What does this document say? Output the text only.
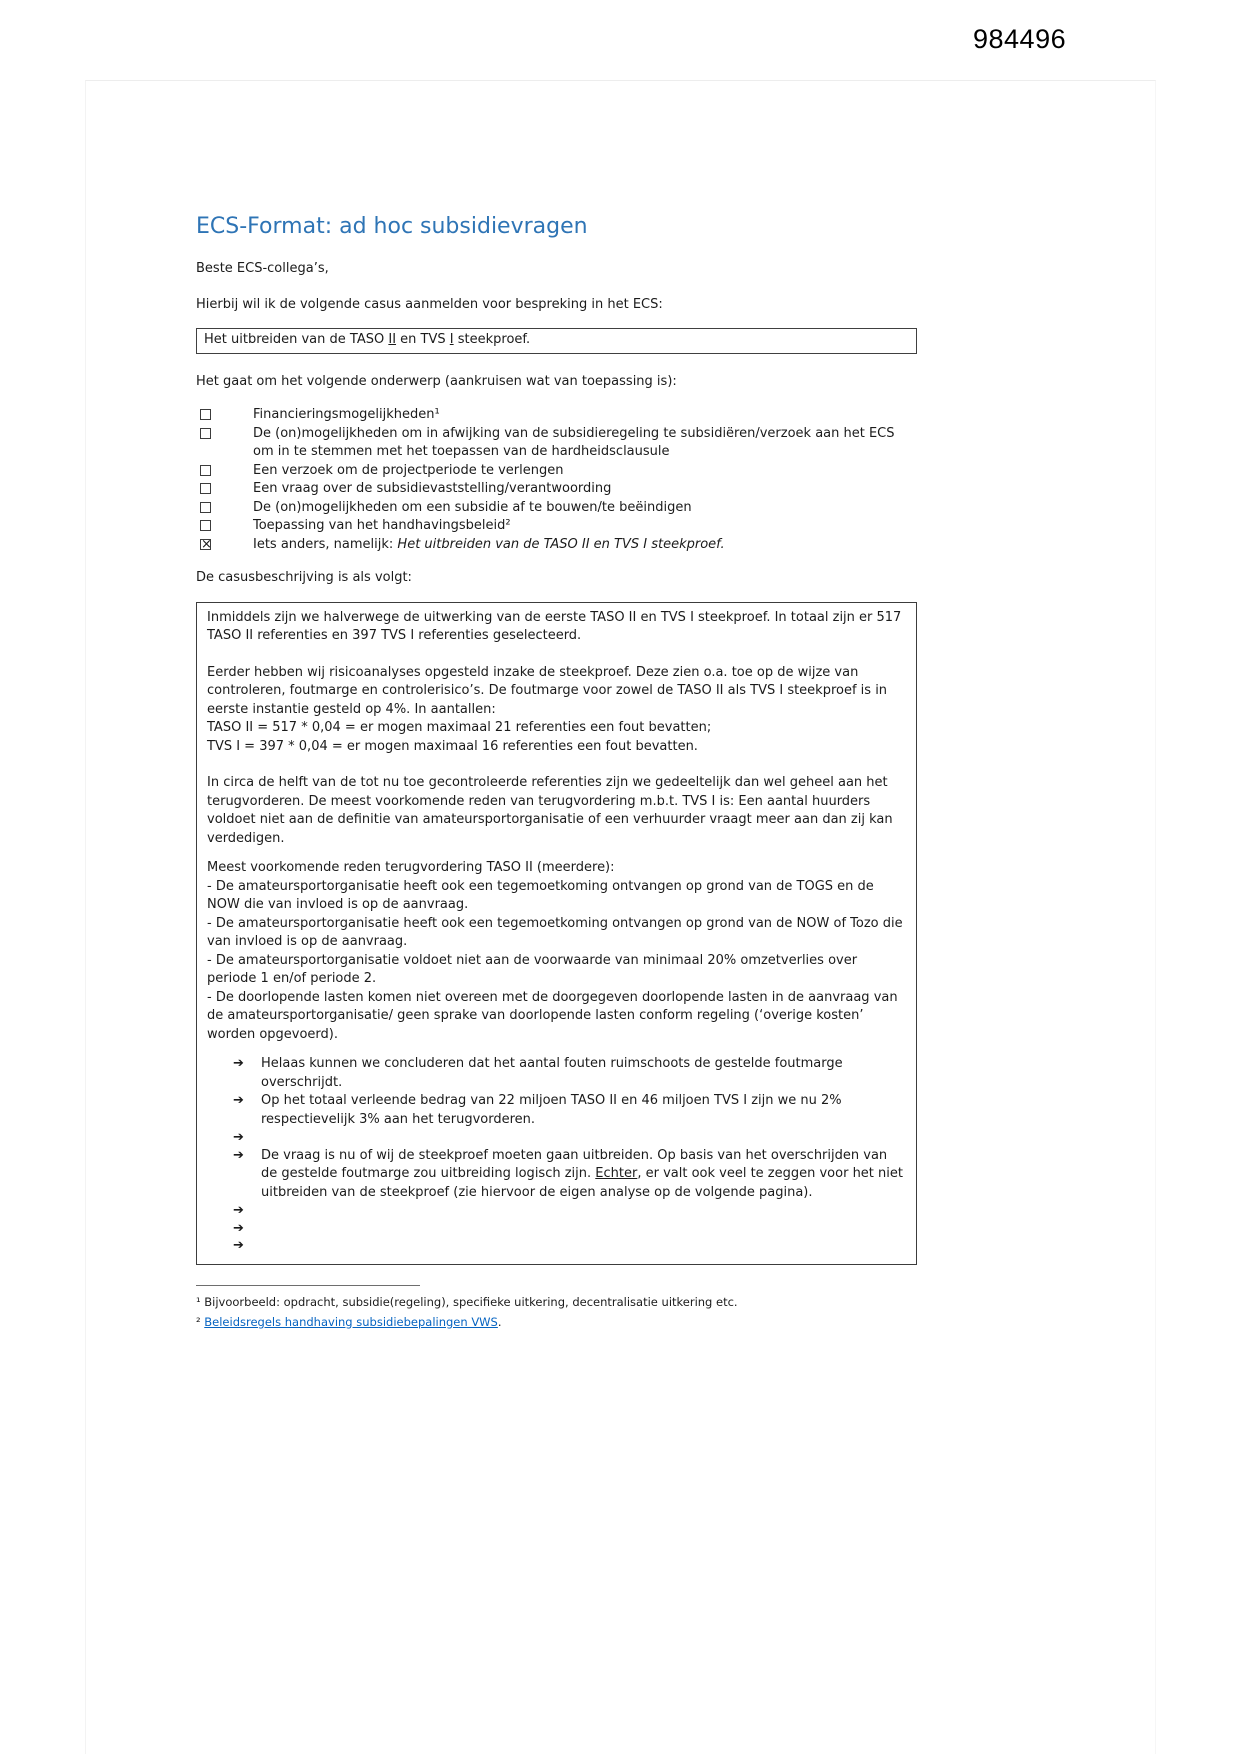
984496
ECS-Format: ad hoc subsidievragen

Beste ECS-collega’s,

Hierbij wil ik de volgende casus aanmelden voor bespreking in het ECS:

Het uitbreiden van de TASO II en TVS I steekproef.

Het gaat om het volgende onderwerp (aankruisen wat van toepassing is):

Financieringsmogelijkheden¹
De (on)mogelijkheden om in afwijking van de subsidieregeling te subsidiëren/verzoek aan het ECS om in te stemmen met het toepassen van de hardheidsclausule
Een verzoek om de projectperiode te verlengen
Een vraag over de subsidievaststelling/verantwoording
De (on)mogelijkheden om een subsidie af te bouwen/te beëindigen
Toepassing van het handhavingsbeleid²
×	Iets anders, namelijk: Het uitbreiden van de TASO II en TVS I steekproef.

De casusbeschrijving is als volgt:

Inmiddels zijn we halverwege de uitwerking van de eerste TASO II en TVS I steekproef. In totaal zijn er 517 TASO II referenties en 397 TVS I referenties geselecteerd.

Eerder hebben wij risicoanalyses opgesteld inzake de steekproef. Deze zien o.a. toe op de wijze van controleren, foutmarge en controlerisico’s. De foutmarge voor zowel de TASO II als TVS I steekproef is in eerste instantie gesteld op 4%. In aantallen:
TASO II = 517 * 0,04 = er mogen maximaal 21 referenties een fout bevatten;
TVS I = 397 * 0,04 = er mogen maximaal 16 referenties een fout bevatten.

In circa de helft van de tot nu toe gecontroleerde referenties zijn we gedeeltelijk dan wel geheel aan het terugvorderen. De meest voorkomende reden van terugvordering m.b.t. TVS I is: Een aantal huurders voldoet niet aan de definitie van amateursportorganisatie of een verhuurder vraagt meer aan dan zij kan verdedigen.

Meest voorkomende reden terugvordering TASO II (meerdere):
- De amateursportorganisatie heeft ook een tegemoetkoming ontvangen op grond van de TOGS en de NOW die van invloed is op de aanvraag.
- De amateursportorganisatie heeft ook een tegemoetkoming ontvangen op grond van de NOW of Tozo die van invloed is op de aanvraag.
- De amateursportorganisatie voldoet niet aan de voorwaarde van minimaal 20% omzetverlies over periode 1 en/of periode 2.
- De doorlopende lasten komen niet overeen met de doorgegeven doorlopende lasten in de aanvraag van de amateursportorganisatie/ geen sprake van doorlopende lasten conform regeling (‘overige kosten’ worden opgevoerd).
➔ Helaas kunnen we concluderen dat het aantal fouten ruimschoots de gestelde foutmarge overschrijdt.
➔ Op het totaal verleende bedrag van 22 miljoen TASO II en 46 miljoen TVS I zijn we nu 2% respectievelijk 3% aan het terugvorderen.
➔
➔ De vraag is nu of wij de steekproef moeten gaan uitbreiden. Op basis van het overschrijden van de gestelde foutmarge zou uitbreiding logisch zijn. Echter, er valt ook veel te zeggen voor het niet uitbreiden van de steekproef (zie hiervoor de eigen analyse op de volgende pagina).
➔
➔
➔

¹ Bijvoorbeeld: opdracht, subsidie(regeling), specifieke uitkering, decentralisatie uitkering etc.

² Beleidsregels handhaving subsidiebepalingen VWS.
